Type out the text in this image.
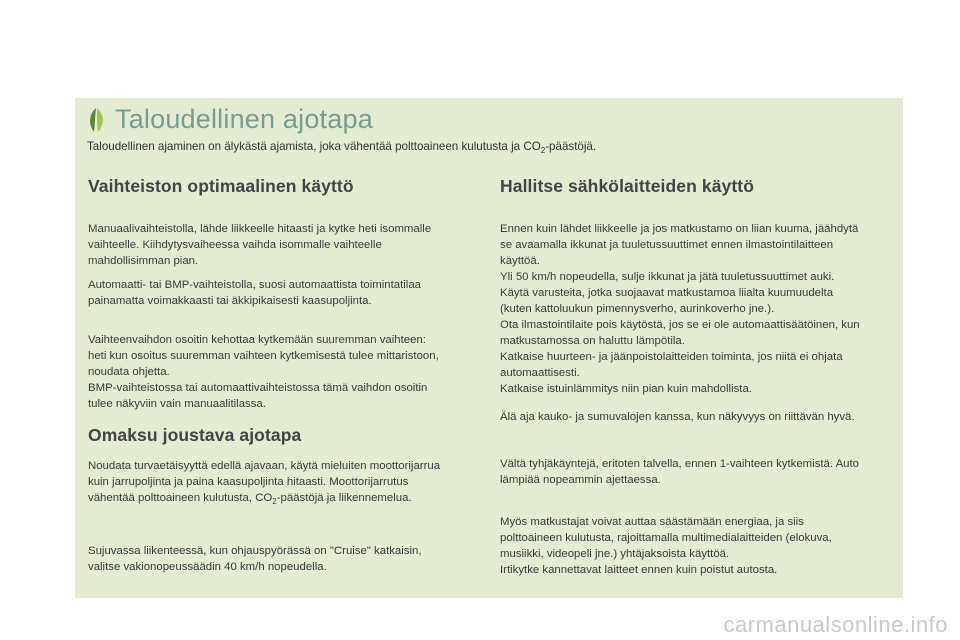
Taloudellinen ajotapa
Taloudellinen ajaminen on älykästä ajamista, joka vähentää polttoaineen kulutusta ja $CO_2$-päästöjä.
Vaihteiston optimaalinen käyttö

Manuaalivaihteistolla, lähde liikkeelle hitaasti ja kytke heti isommalle
vaihteelle. Kiihdytysvaiheessa vaihda isommalle vaihteelle
mahdollisimman pian.

Automaatti- tai BMP-vaihteistolla, suosi automaattista toimintatilaa
painamatta voimakkaasti tai äkkipikaisesti kaasupoljinta.

Vaihteenvaihdon osoitin kehottaa kytkemään suuremman vaihteen:
heti kun osoitus suuremman vaihteen kytkemisestä tulee mittaristoon,
noudata ohjetta.
BMP-vaihteistossa tai automaattivaihteistossa tämä vaihdon osoitin
tulee näkyviin vain manuaalitilassa.

Omaksu joustava ajotapa

Noudata turvaetäisyyttä edellä ajavaan, käytä mieluiten moottorijarrua
kuin jarrupoljinta ja paina kaasupoljinta hitaasti. Moottorijarrutus
vähentää polttoaineen kulutusta, $CO_2$-päästöjä ja liikennemelua.

Sujuvassa liikenteessä, kun ohjauspyörässä on "Cruise" katkaisin,
valitse vakionopeussäädin 40 km/h nopeudella.

Hallitse sähkölaitteiden käyttö

Ennen kuin lähdet liikkeelle ja jos matkustamo on liian kuuma, jäähdytä
se avaamalla ikkunat ja tuuletussuuttimet ennen ilmastointilaitteen
käyttöä.
Yli 50 km/h nopeudella, sulje ikkunat ja jätä tuuletussuuttimet auki.
Käytä varusteita, jotka suojaavat matkustamoa liialta kuumuudelta
(kuten kattoluukun pimennysverho, aurinkoverho jne.).
Ota ilmastointilaite pois käytöstä, jos se ei ole automaattisäätöinen, kun
matkustamossa on haluttu lämpötila.
Katkaise huurteen- ja jäänpoistolaitteiden toiminta, jos niitä ei ohjata
automaattisesti.
Katkaise istuinlämmitys niin pian kuin mahdollista.

Älä aja kauko- ja sumuvalojen kanssa, kun näkyvyys on riittävän hyvä.

Vältä tyhjäkäyntejä, eritoten talvella, ennen 1-vaihteen kytkemistä. Auto
lämpiää nopeammin ajettaessa.

Myös matkustajat voivat auttaa säästämään energiaa, ja siis
polttoaineen kulutusta, rajoittamalla multimedialaitteiden (elokuva,
musiikki, videopeli jne.) yhtäjaksoista käyttöä.
Irtikytke kannettavat laitteet ennen kuin poistut autosta.

carmanualsonline.info
